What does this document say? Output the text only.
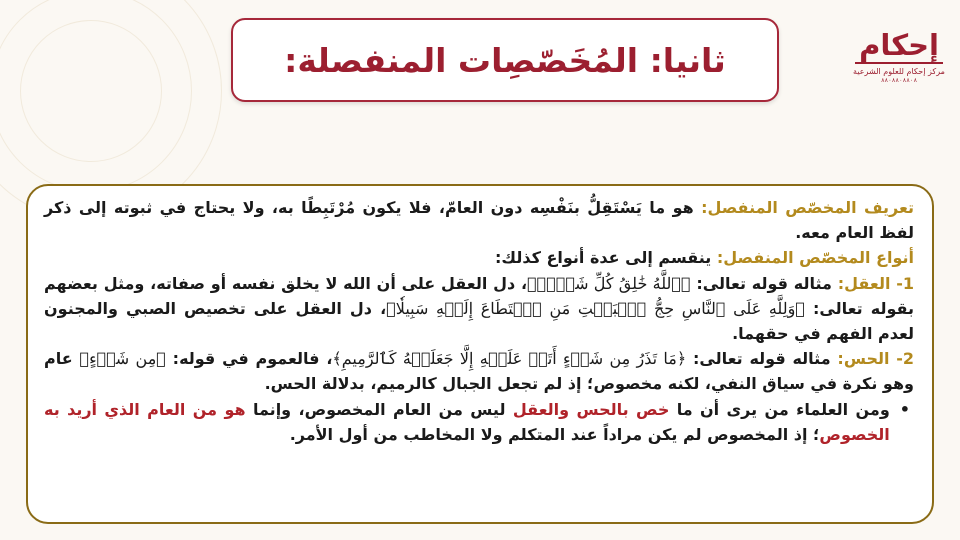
ثانيا: المُخَصّصِات المنفصلة:	إحكام
مركز إحكام للعلوم الشرعية
٨٨٠٨٨٠٨٨٠٨

تعريف المخصّص المنفصل: هو ما يَسْتَقِلُّ بنَفْسِه دون العامّ، فلا يكون مُرْتَبِطًا به، ولا يحتاج في ثبوته إلى ذكر لفظ العام معه.

أنواع المخصّص المنفصل: ينقسم إلى عدة أنواع كذلك:

1- العقل: مثاله قوله تعالى: ﴿ٱللَّهُ خَٰلِقُ كُلِّ شَيۡءٖ﴾، دل العقل على أن الله لا يخلق نفسه أو صفاته، ومثل بعضهم بقوله تعالى: ﴿وَلِلَّهِ عَلَى ٱلنَّاسِ حِجُّ ٱلۡبَيۡتِ مَنِ ٱسۡتَطَاعَ إِلَيۡهِ سَبِيلٗا﴾، دل العقل على تخصيص الصبي والمجنون لعدم الفهم في حقهما.

2- الحس: مثاله قوله تعالى: ﴿مَا تَذَرُ مِن شَيۡءٍ أَتَتۡ عَلَيۡهِ إِلَّا جَعَلَتۡهُ كَٱلرَّمِيمِ﴾، فالعموم في قوله: ﴿مِن شَيۡءٍ﴾ عام وهو نكرة في سياق النفي، لكنه مخصوص؛ إذ لم تجعل الجبال كالرميم، بدلالة الحس.

•
ومن العلماء من يرى أن ما خص بالحس والعقل ليس من العام المخصوص، وإنما هو من العام الذي أريد به الخصوص؛ إذ المخصوص لم يكن مراداً عند المتكلم ولا المخاطب من أول الأمر.
